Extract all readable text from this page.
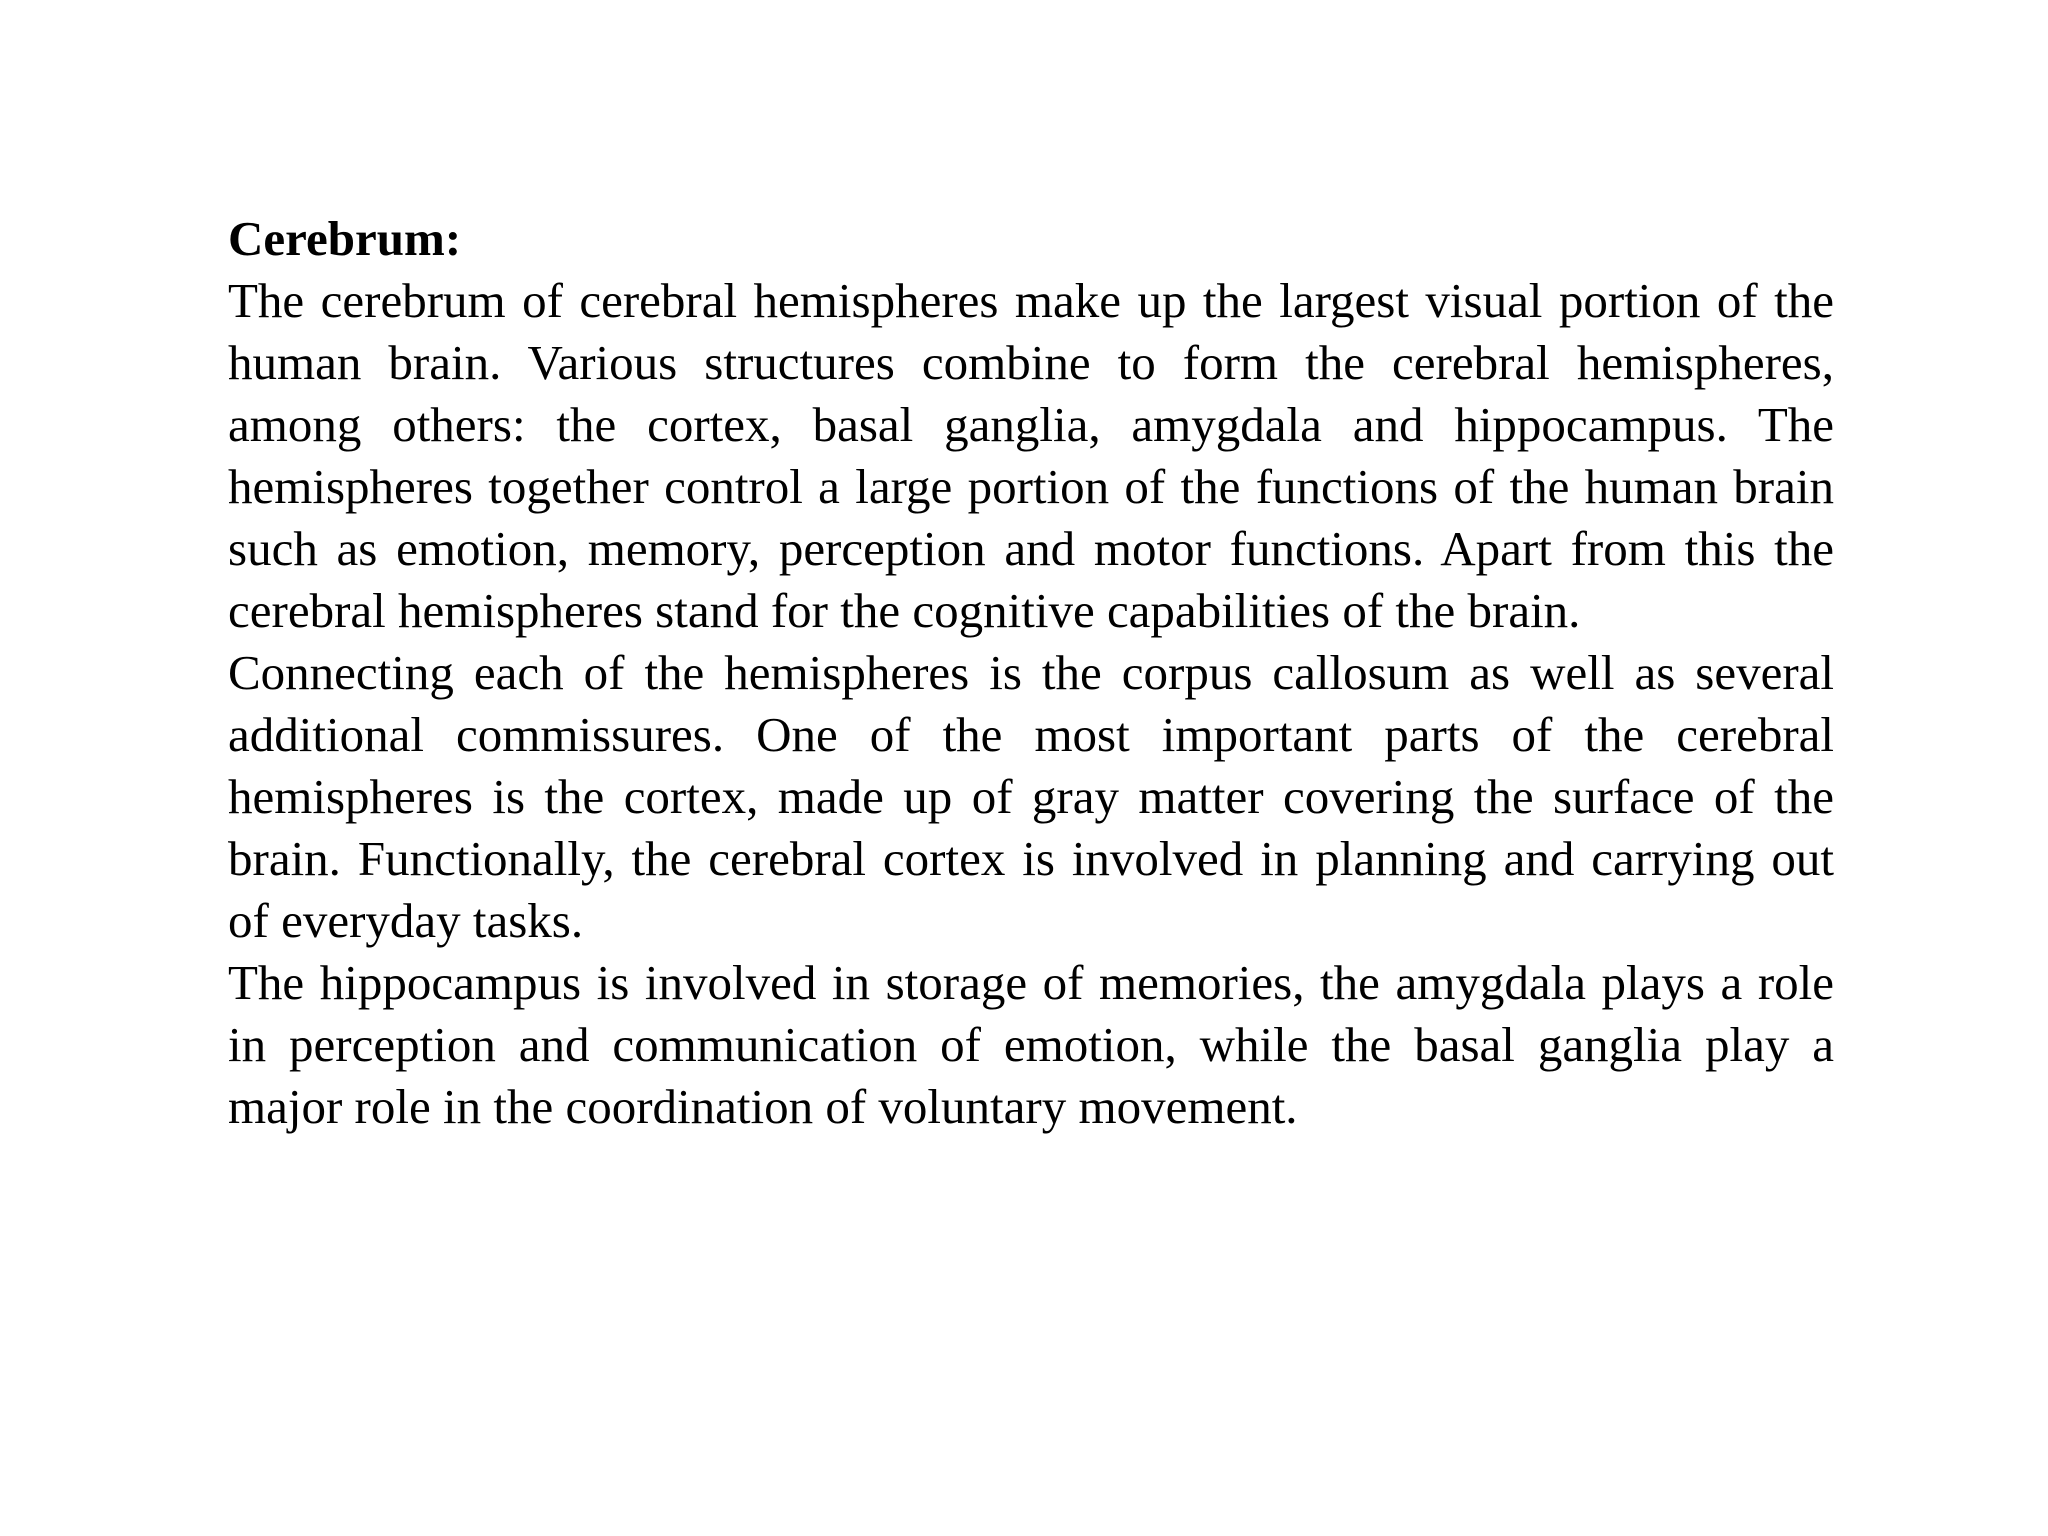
Cerebrum:

The cerebrum of cerebral hemispheres make up the largest visual portion of the human brain. Various structures combine to form the cerebral hemispheres, among others: the cortex, basal ganglia, amygdala and hippocampus. The hemispheres together control a large portion of the functions of the human brain such as emotion, memory, perception and motor functions. Apart from this the cerebral hemispheres stand for the cognitive capabilities of the brain.

Connecting each of the hemispheres is the corpus callosum as well as several additional commissures. One of the most important parts of the cerebral hemispheres is the cortex, made up of gray matter covering the surface of the brain. Functionally, the cerebral cortex is involved in planning and carrying out of everyday tasks.

The hippocampus is involved in storage of memories, the amygdala plays a role in perception and communication of emotion, while the basal ganglia play a major role in the coordination of voluntary movement.
